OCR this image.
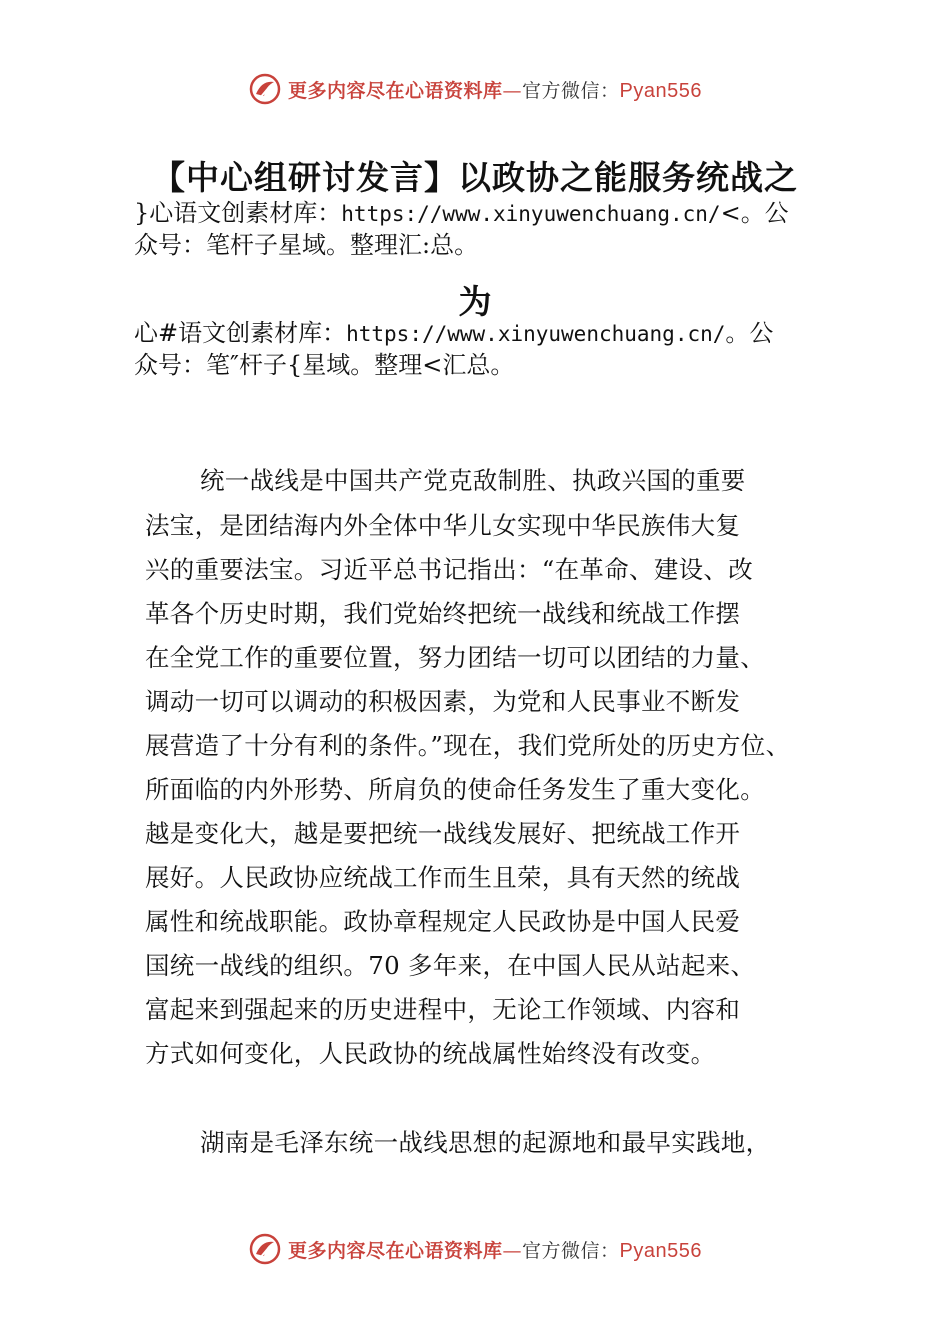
更多内容尽在心语资料库—官方微信：Pyan556
【中心组研讨发言】以政协之能服务统战之
}心语文创素材库：https://www.xinyuwenchuang.cn/<。公
众号：笔杆子星域。整理汇:总。
为
心#语文创素材库：https://www.xinyuwenchuang.cn/。公
众号：笔″杆子{星域。整理<汇总。
统一战线是中国共产党克敌制胜、执政兴国的重要
法宝，是团结海内外全体中华儿女实现中华民族伟大复
兴的重要法宝。习近平总书记指出：“在革命、建设、改
革各个历史时期，我们党始终把统一战线和统战工作摆
在全党工作的重要位置，努力团结一切可以团结的力量、
调动一切可以调动的积极因素，为党和人民事业不断发
展营造了十分有利的条件。”现在，我们党所处的历史方位、
所面临的内外形势、所肩负的使命任务发生了重大变化。
越是变化大，越是要把统一战线发展好、把统战工作开
展好。人民政协应统战工作而生且荣，具有天然的统战
属性和统战职能。政协章程规定人民政协是中国人民爱
国统一战线的组织。70 多年来，在中国人民从站起来、
富起来到强起来的历史进程中，无论工作领域、内容和
方式如何变化，人民政协的统战属性始终没有改变。
湖南是毛泽东统一战线思想的起源地和最早实践地，
更多内容尽在心语资料库—官方微信：Pyan556
